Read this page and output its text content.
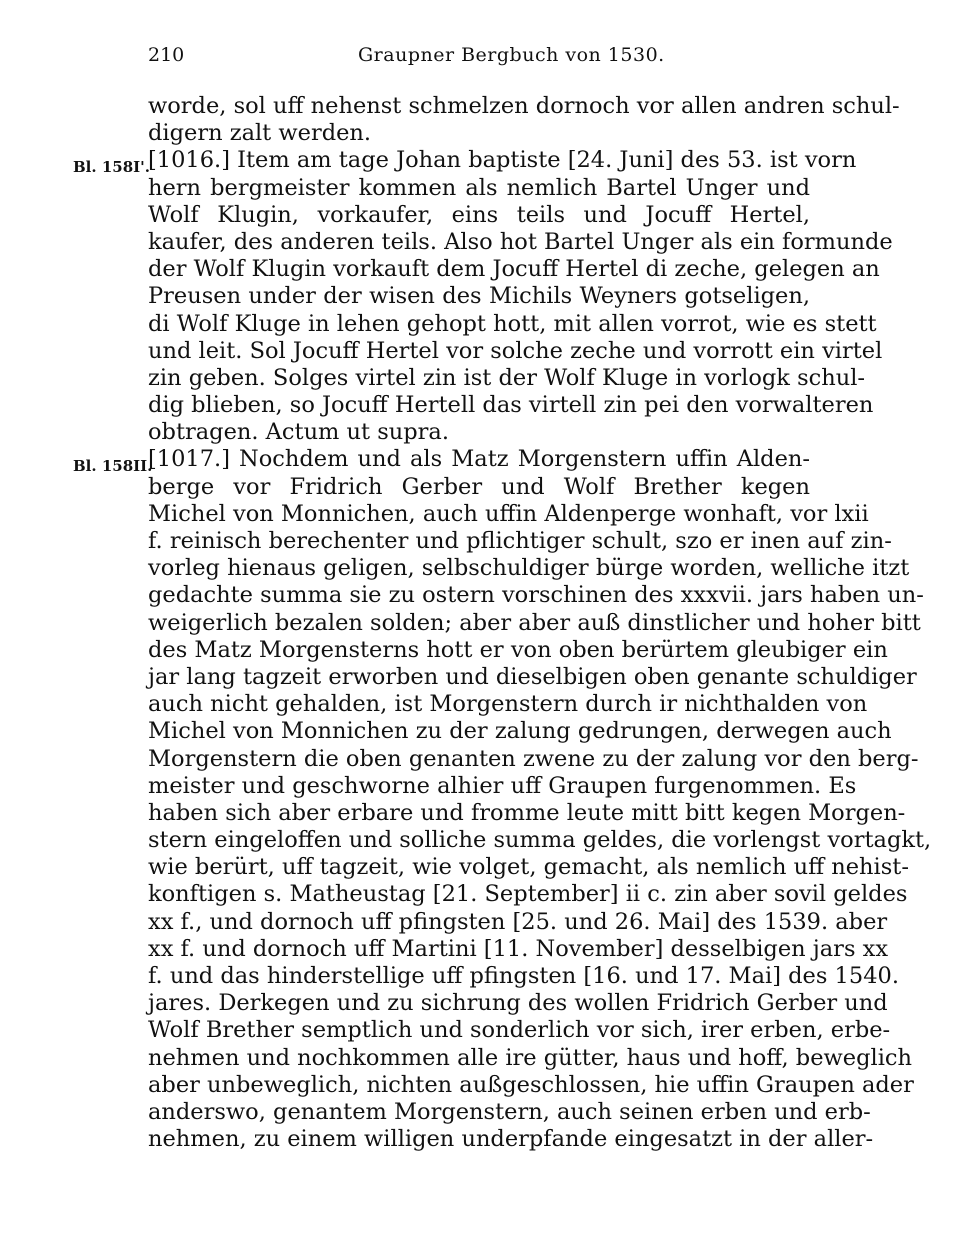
210	Graupner Bergbuch von 1530.
Bl. 158I'.
Bl. 158II.
worde, sol uff nehenst schmelzen dornoch vor allen andren schul-
digern zalt werden.
[1016.] Item am tage Johan baptiste [24. Juni] des 53. ist vorn
hern bergmeister kommen als nemlich Bartel Unger und
Wolf Klugin, vorkaufer, eins teils und Jocuff Hertel,
kaufer, des anderen teils. Also hot Bartel Unger als ein formunde
der Wolf Klugin vorkauft dem Jocuff Hertel di zeche, gelegen an
Preusen under der wisen des Michils Weyners gotseligen,
di Wolf Kluge in lehen gehopt hott, mit allen vorrot, wie es stett
und leit. Sol Jocuff Hertel vor solche zeche und vorrott ein virtel
zin geben. Solges virtel zin ist der Wolf Kluge in vorlogk schul-
dig blieben, so Jocuff Hertell das virtell zin pei den vorwalteren
obtragen. Actum ut supra.
[1017.] Nochdem und als Matz Morgenstern uffin Alden-
berge vor Fridrich Gerber und Wolf Brether kegen
Michel von Monnichen, auch uffin Aldenperge wonhaft, vor lxii
f. reinisch berechenter und pflichtiger schult, szo er inen auf zin-
vorleg hienaus geligen, selbschuldiger bürge worden, welliche itzt
gedachte summa sie zu ostern vorschinen des xxxvii. jars haben un-
weigerlich bezalen solden; aber aber auß dinstlicher und hoher bitt
des Matz Morgensterns hott er von oben berürtem gleubiger ein
jar lang tagzeit erworben und dieselbigen oben genante schuldiger
auch nicht gehalden, ist Morgenstern durch ir nichthalden von
Michel von Monnichen zu der zalung gedrungen, derwegen auch
Morgenstern die oben genanten zwene zu der zalung vor den berg-
meister und geschworne alhier uff Graupen furgenommen. Es
haben sich aber erbare und fromme leute mitt bitt kegen Morgen-
stern eingeloffen und solliche summa geldes, die vorlengst vortagkt,
wie berürt, uff tagzeit, wie volget, gemacht, als nemlich uff nehist-
konftigen s. Matheustag [21. September] ii c. zin aber sovil geldes
xx f., und dornoch uff pfingsten [25. und 26. Mai] des 1539. aber
xx f. und dornoch uff Martini [11. November] desselbigen jars xx
f. und das hinderstellige uff pfingsten [16. und 17. Mai] des 1540.
jares. Derkegen und zu sichrung des wollen Fridrich Gerber und
Wolf Brether semptlich und sonderlich vor sich, irer erben, erbe-
nehmen und nochkommen alle ire gütter, haus und hoff, beweglich
aber unbeweglich, nichten außgeschlossen, hie uffin Graupen ader
anderswo, genantem Morgenstern, auch seinen erben und erb-
nehmen, zu einem willigen underpfande eingesatzt in der aller-
